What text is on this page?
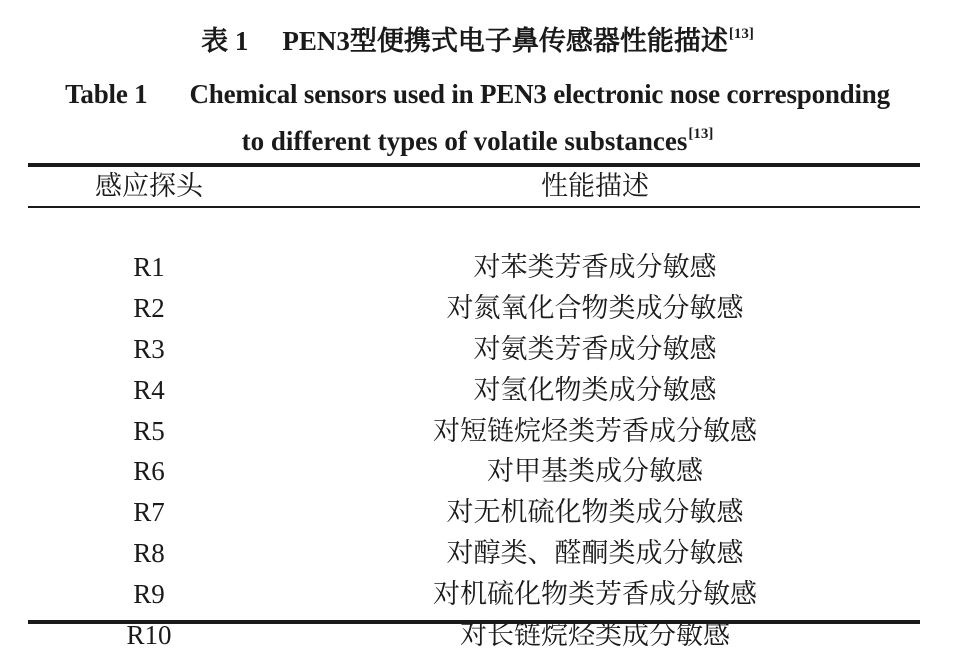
表 1 PEN3型便携式电子鼻传感器性能描述[13]
Table 1 Chemical sensors used in PEN3 electronic nose corresponding
to different types of volatile substances[13]
感应探头	性能描述

R1	对苯类芳香成分敏感
R2	对氮氧化合物类成分敏感
R3	对氨类芳香成分敏感
R4	对氢化物类成分敏感
R5	对短链烷烃类芳香成分敏感
R6	对甲基类成分敏感
R7	对无机硫化物类成分敏感
R8	对醇类、醛酮类成分敏感
R9	对机硫化物类芳香成分敏感
R10	对长链烷烃类成分敏感
